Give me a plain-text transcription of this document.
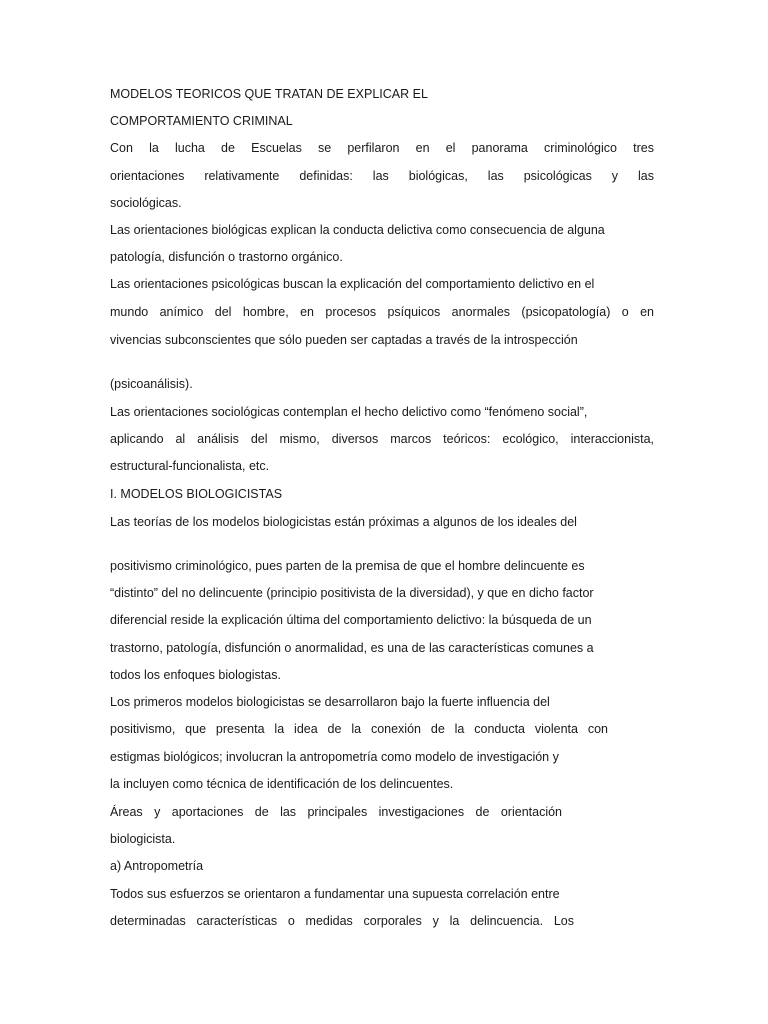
MODELOS TEORICOS QUE TRATAN DE EXPLICAR EL
COMPORTAMIENTO CRIMINAL
Con la lucha de Escuelas se perfilaron en el panorama criminológico tres
orientaciones relativamente definidas: las biológicas, las psicológicas y las
sociológicas.
Las orientaciones biológicas explican la conducta delictiva como consecuencia de alguna
patología, disfunción o trastorno orgánico.
Las orientaciones psicológicas buscan la explicación del comportamiento delictivo en el
mundo anímico del hombre, en procesos psíquicos anormales (psicopatología) o en
vivencias subconscientes que sólo pueden ser captadas a través de la introspección
(psicoanálisis).
Las orientaciones sociológicas contemplan el hecho delictivo como “fenómeno social”,
aplicando al análisis del mismo, diversos marcos teóricos: ecológico, interaccionista,
estructural-funcionalista, etc.
I. MODELOS BIOLOGICISTAS
Las teorías de los modelos biologicistas están próximas a algunos de los ideales del
positivismo criminológico, pues parten de la premisa de que el hombre delincuente es
“distinto” del no delincuente (principio positivista de la diversidad), y que en dicho factor
diferencial reside la explicación última del comportamiento delictivo: la búsqueda de un
trastorno, patología, disfunción o anormalidad, es una de las características comunes a
todos los enfoques biologistas.
Los primeros modelos biologicistas se desarrollaron bajo la fuerte influencia del
positivismo, que presenta la idea de la conexión de la conducta violenta con
estigmas biológicos; involucran la antropometría como modelo de investigación y
la incluyen como técnica de identificación de los delincuentes.
Áreas y aportaciones de las principales investigaciones de orientación
biologicista.
a) Antropometría
Todos sus esfuerzos se orientaron a fundamentar una supuesta correlación entre
determinadas características o medidas corporales y la delincuencia. Los
